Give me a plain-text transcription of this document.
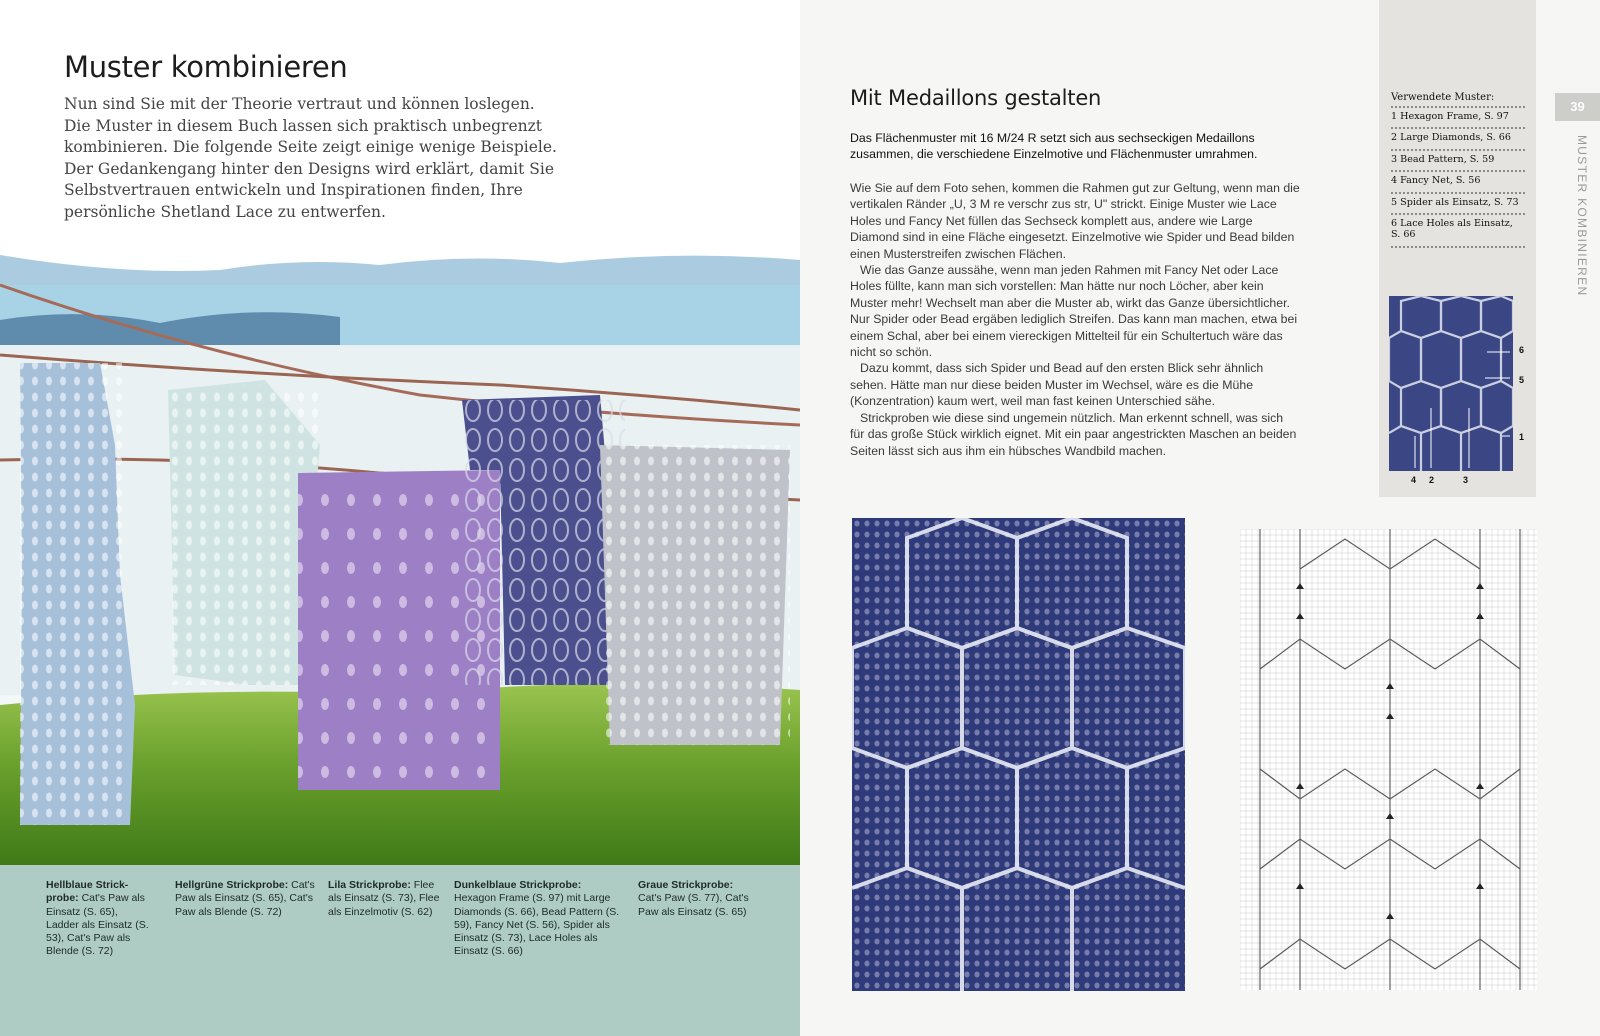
Muster kombinieren
Nun sind Sie mit der Theorie vertraut und können loslegen. Die Muster in diesem Buch lassen sich praktisch unbegrenzt kombinieren. Die folgende Seite zeigt einige wenige Beispiele. Der Gedankengang hinter den Designs wird erklärt, damit Sie Selbstvertrauen entwickeln und Inspirationen finden, Ihre persönliche Shetland Lace zu entwerfen.
Hellblaue Strick-probe: Cat's Paw als Einsatz (S. 65), Ladder als Einsatz (S. 53), Cat's Paw als Blende (S. 72)
Hellgrüne Strickprobe: Cat's Paw als Einsatz (S. 65), Cat's Paw als Blende (S. 72)
Lila Strickprobe: Flee als Einsatz (S. 73), Flee als Einzelmotiv (S. 62)
Dunkelblaue Strickprobe: Hexagon Frame (S. 97) mit Large Diamonds (S. 66), Bead Pattern (S. 59), Fancy Net (S. 56), Spider als Einsatz (S. 73), Lace Holes als Einsatz (S. 66)
Graue Strickprobe: Cat's Paw (S. 77), Cat's Paw als Einsatz (S. 65)
Mit Medaillons gestalten
Das Flächenmuster mit 16 M/24 R setzt sich aus sechseckigen Medaillons zusammen, die verschiedene Einzelmotive und Flächenmuster umrahmen.

Wie Sie auf dem Foto sehen, kommen die Rahmen gut zur Geltung, wenn man die vertikalen Ränder „U, 3 M re verschr zus str, U" strickt. Einige Muster wie Lace Holes und Fancy Net füllen das Sechseck komplett aus, andere wie Large Diamond sind in eine Fläche eingesetzt. Einzelmotive wie Spider und Bead bilden einen Musterstreifen zwischen Flächen.

Wie das Ganze aussähe, wenn man jeden Rahmen mit Fancy Net oder Lace Holes füllte, kann man sich vorstellen: Man hätte nur noch Löcher, aber kein Muster mehr! Wechselt man aber die Muster ab, wirkt das Ganze übersichtlicher. Nur Spider oder Bead ergäben lediglich Streifen. Das kann man machen, etwa bei einem Schal, aber bei einem viereckigen Mittelteil für ein Schultertuch wäre das nicht so schön.

Dazu kommt, dass sich Spider und Bead auf den ersten Blick sehr ähnlich sehen. Hätte man nur diese beiden Muster im Wechsel, wäre es die Mühe (Konzentration) kaum wert, weil man fast keinen Unterschied sähe.

Strickproben wie diese sind ungemein nützlich. Man erkennt schnell, was sich für das große Stück wirklich eignet. Mit ein paar angestrickten Maschen an beiden Seiten lässt sich aus ihm ein hübsches Wandbild machen.

Verwendete Muster:
1 Hexagon Frame, S. 97
2 Large Diamonds, S. 66
3 Bead Pattern, S. 59
4 Fancy Net, S. 56
5 Spider als Einsatz, S. 73
6 Lace Holes als Einsatz, S. 66
6
5
1
4 2	3
39
MUSTER KOMBINIEREN
